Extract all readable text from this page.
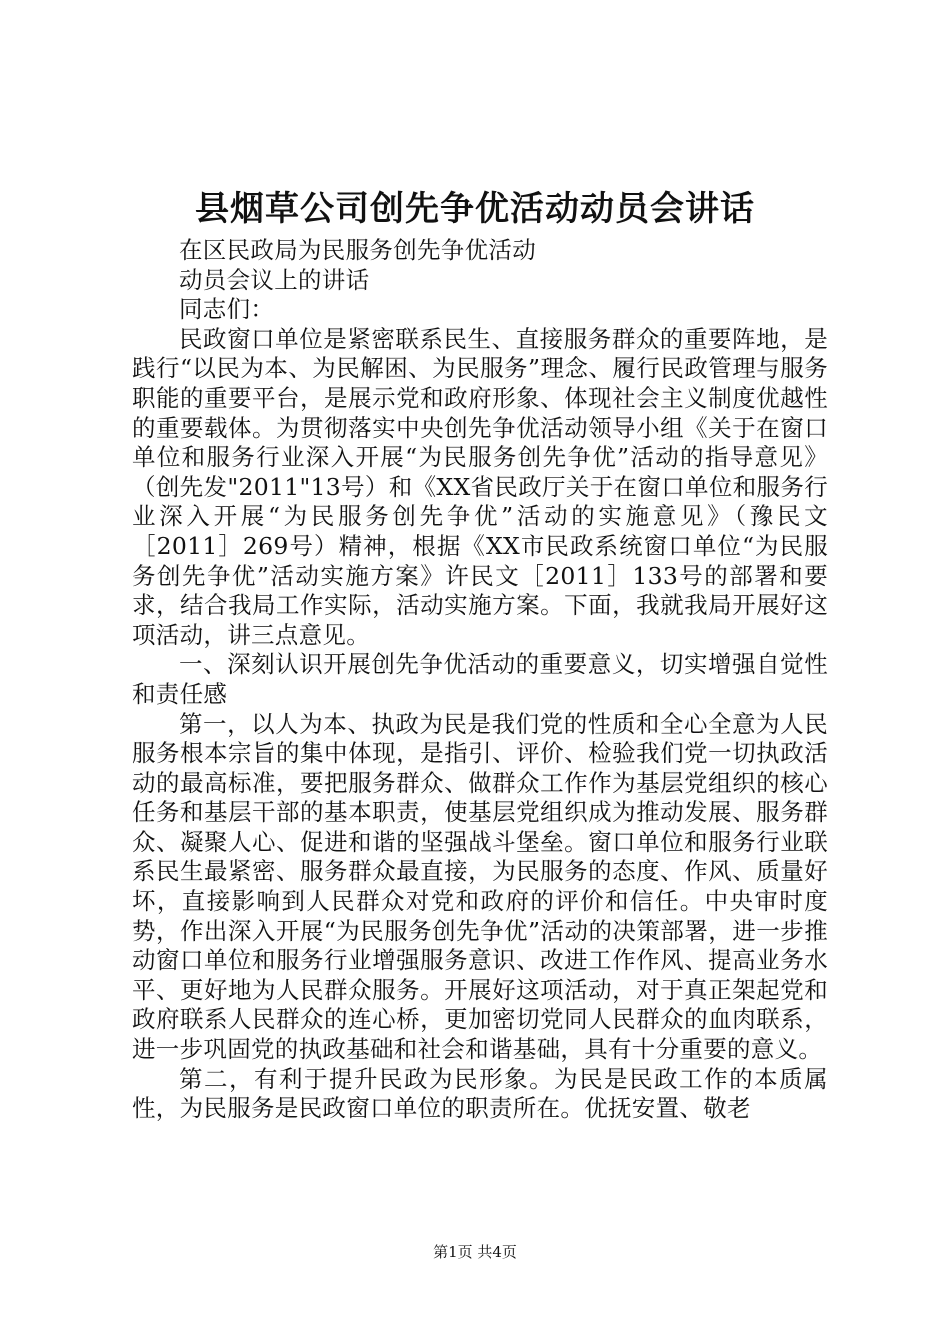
县烟草公司创先争优活动动员会讲话

在区民政局为民服务创先争优活动

动员会议上的讲话

同志们：

民政窗口单位是紧密联系民生、直接服务群众的重要阵地，是践行“以民为本、为民解困、为民服务”理念、履行民政管理与服务职能的重要平台，是展示党和政府形象、体现社会主义制度优越性的重要载体。为贯彻落实中央创先争优活动领导小组《关于在窗口单位和服务行业深入开展“为民服务创先争优”活动的指导意见》（创先发"2011"13号）和《XX省民政厅关于在窗口单位和服务行业深入开展“为民服务创先争优”活动的实施意见》（豫民文［2011］269号）精神，根据《XX市民政系统窗口单位“为民服务创先争优”活动实施方案》许民文［2011］133号的部署和要求，结合我局工作实际，活动实施方案。下面，我就我局开展好这项活动，讲三点意见。

一、深刻认识开展创先争优活动的重要意义，切实增强自觉性和责任感

第一，以人为本、执政为民是我们党的性质和全心全意为人民服务根本宗旨的集中体现，是指引、评价、检验我们党一切执政活动的最高标准，要把服务群众、做群众工作作为基层党组织的核心任务和基层干部的基本职责，使基层党组织成为推动发展、服务群众、凝聚人心、促进和谐的坚强战斗堡垒。窗口单位和服务行业联系民生最紧密、服务群众最直接，为民服务的态度、作风、质量好坏，直接影响到人民群众对党和政府的评价和信任。中央审时度势，作出深入开展“为民服务创先争优”活动的决策部署，进一步推动窗口单位和服务行业增强服务意识、改进工作作风、提高业务水平、更好地为人民群众服务。开展好这项活动，对于真正架起党和政府联系人民群众的连心桥，更加密切党同人民群众的血肉联系，进一步巩固党的执政基础和社会和谐基础，具有十分重要的意义。

第二，有利于提升民政为民形象。为民是民政工作的本质属性，为民服务是民政窗口单位的职责所在。优抚安置、敬老

第1页 共4页
